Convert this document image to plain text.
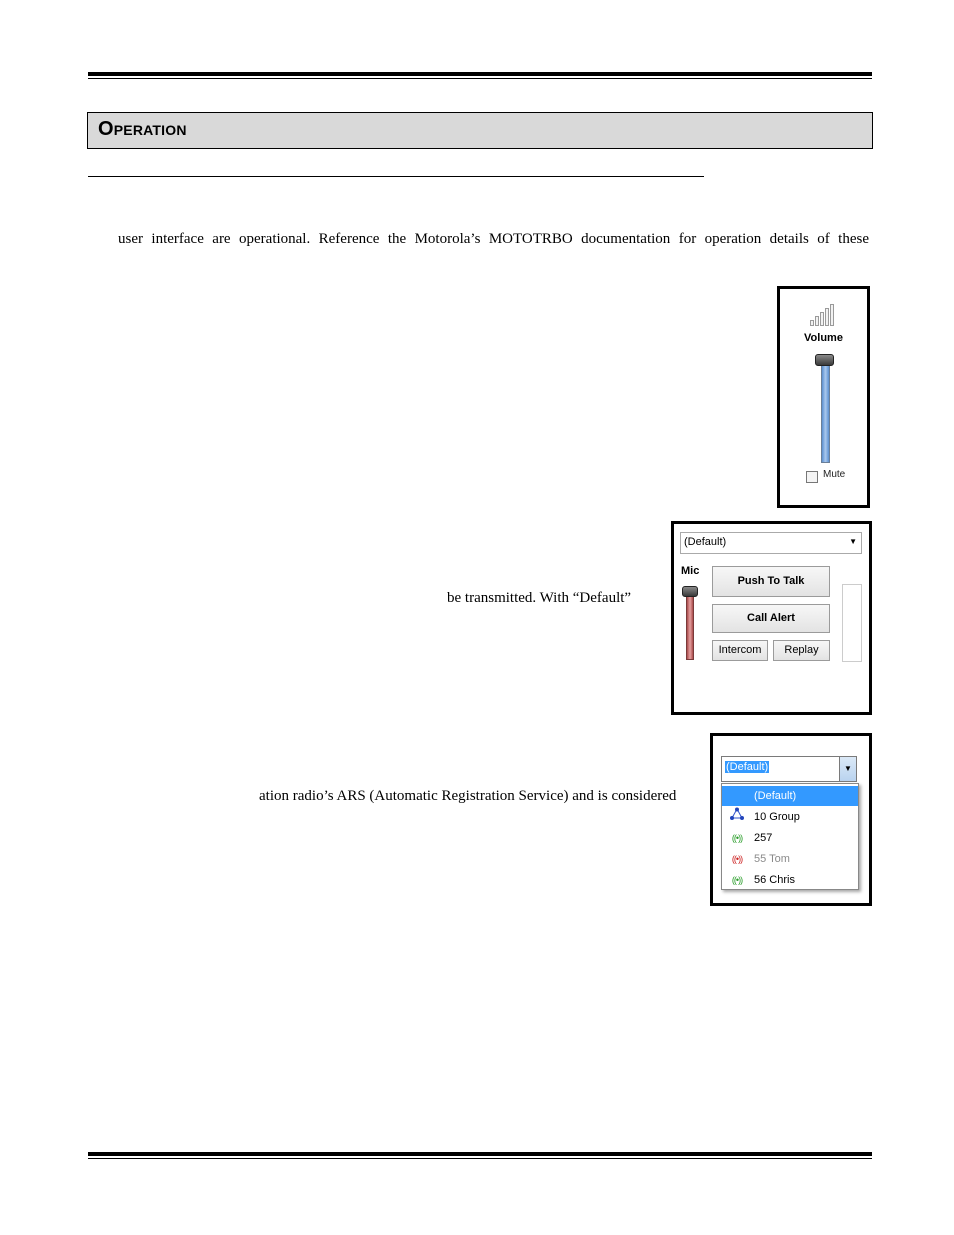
Operation
user interface are operational. Reference the Motorola’s MOTOTRBO documentation for operation details of these
be transmitted. With “Default”
ation radio’s ARS (Automatic Registration Service) and is considered
Volume
Mute
(Default)	▼
Mic
Push To Talk
Call Alert
Intercom	Replay
(Default)	▼
(Default)
10 Group
((•))	257
((•))	55 Tom
((•))	56 Chris
